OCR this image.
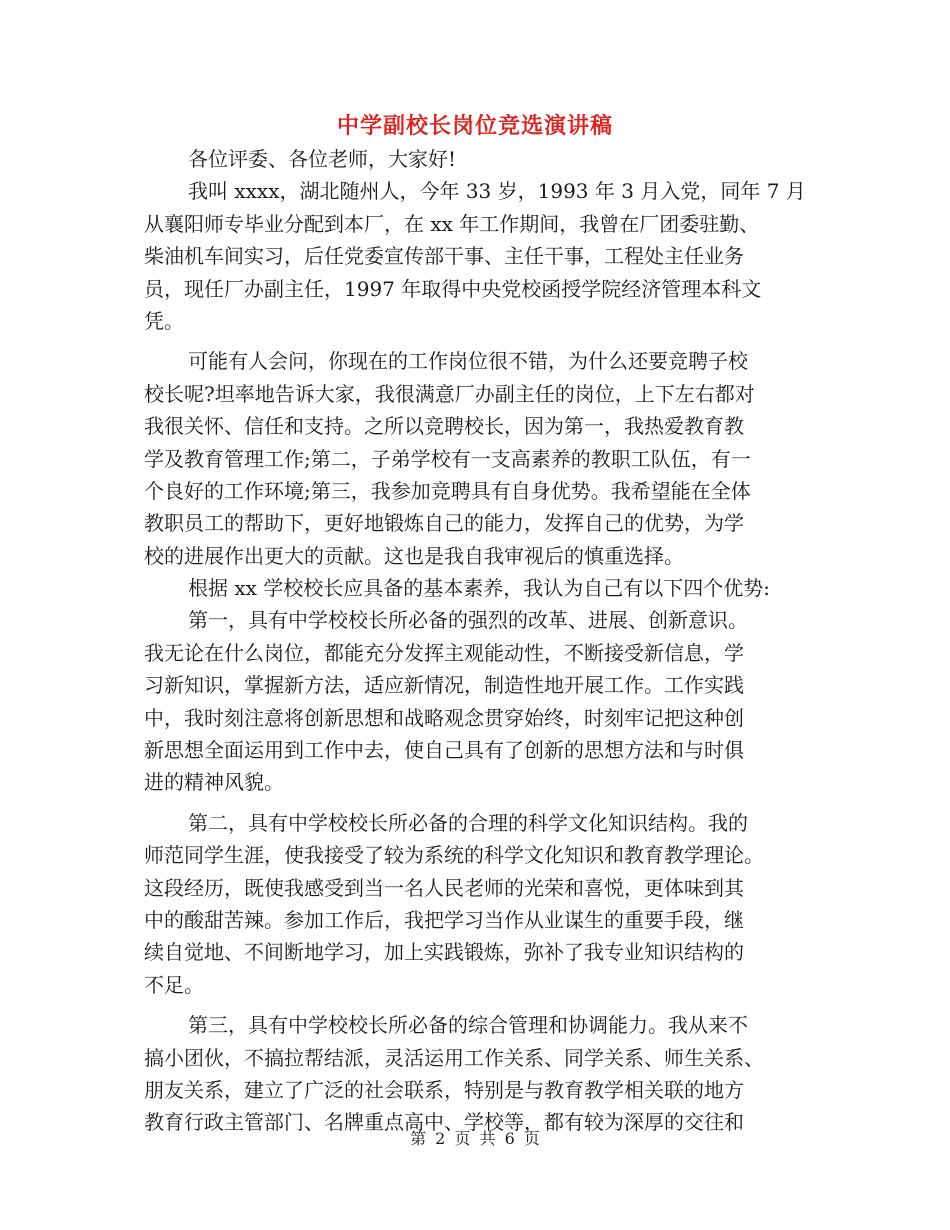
中学副校长岗位竞选演讲稿
各位评委、各位老师，大家好!
我叫 xxxx，湖北随州人，今年 33 岁，1993 年 3 月入党，同年 7 月
从襄阳师专毕业分配到本厂，在 xx 年工作期间，我曾在厂团委驻勤、
柴油机车间实习，后任党委宣传部干事、主任干事，工程处主任业务
员，现任厂办副主任，1997 年取得中央党校函授学院经济管理本科文
凭。
可能有人会问，你现在的工作岗位很不错，为什么还要竞聘子校
校长呢?坦率地告诉大家，我很满意厂办副主任的岗位，上下左右都对
我很关怀、信任和支持。之所以竞聘校长，因为第一，我热爱教育教
学及教育管理工作;第二，子弟学校有一支高素养的教职工队伍，有一
个良好的工作环境;第三，我参加竞聘具有自身优势。我希望能在全体
教职员工的帮助下，更好地锻炼自己的能力，发挥自己的优势，为学
校的进展作出更大的贡献。这也是我自我审视后的慎重选择。
根据 xx 学校校长应具备的基本素养，我认为自己有以下四个优势:
第一，具有中学校校长所必备的强烈的改革、进展、创新意识。
我无论在什么岗位，都能充分发挥主观能动性，不断接受新信息，学
习新知识，掌握新方法，适应新情况，制造性地开展工作。工作实践
中，我时刻注意将创新思想和战略观念贯穿始终，时刻牢记把这种创
新思想全面运用到工作中去，使自己具有了创新的思想方法和与时俱
进的精神风貌。
第二，具有中学校校长所必备的合理的科学文化知识结构。我的
师范同学生涯，使我接受了较为系统的科学文化知识和教育教学理论。
这段经历，既使我感受到当一名人民老师的光荣和喜悦，更体味到其
中的酸甜苦辣。参加工作后，我把学习当作从业谋生的重要手段，继
续自觉地、不间断地学习，加上实践锻炼，弥补了我专业知识结构的
不足。
第三，具有中学校校长所必备的综合管理和协调能力。我从来不
搞小团伙，不搞拉帮结派，灵活运用工作关系、同学关系、师生关系、
朋友关系，建立了广泛的社会联系，特别是与教育教学相关联的地方
教育行政主管部门、名牌重点高中、学校等，都有较为深厚的交往和
第 2 页 共 6 页
